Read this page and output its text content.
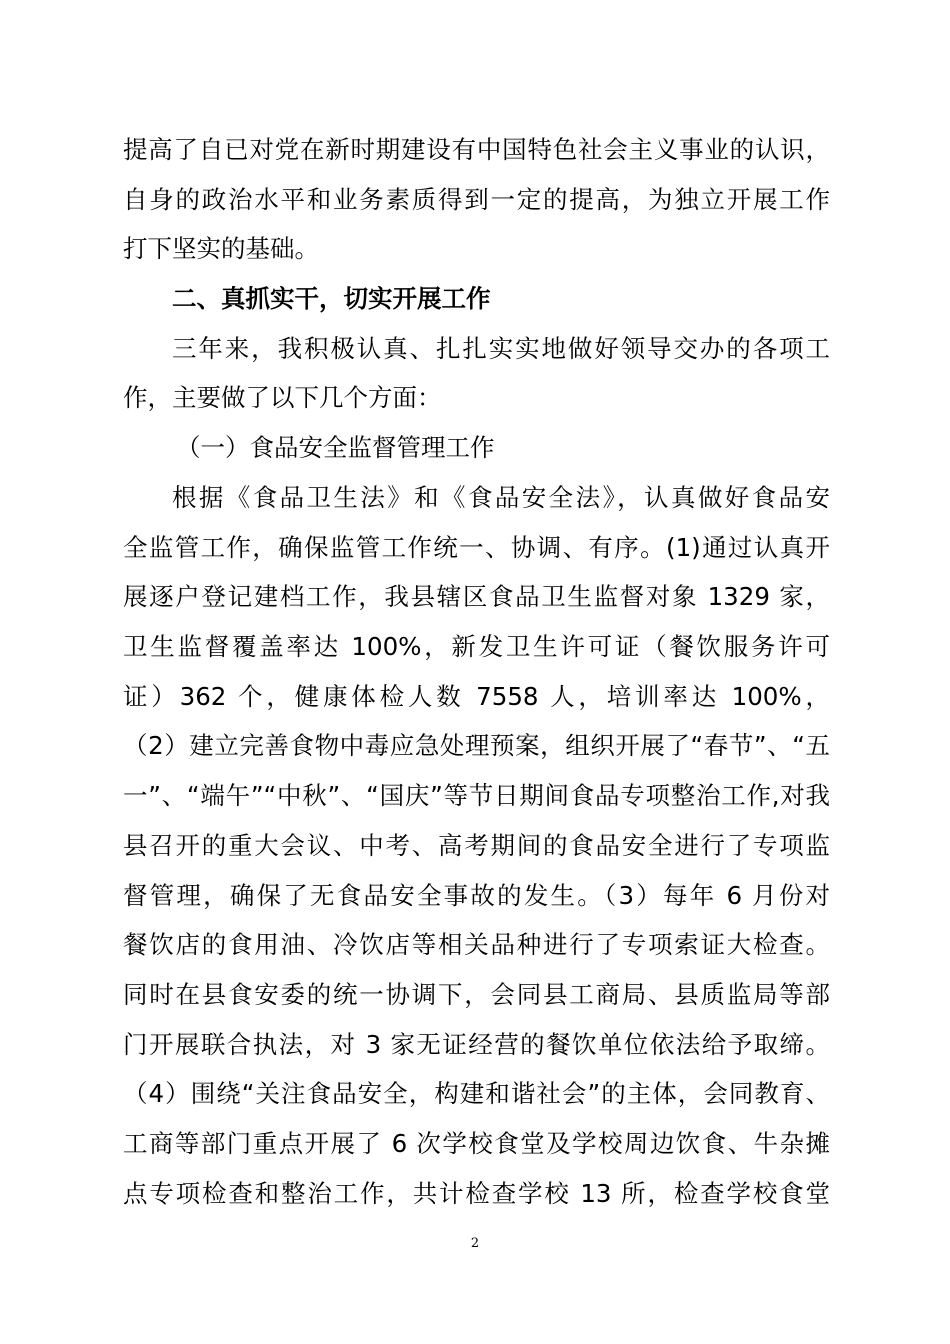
提高了自已对党在新时期建设有中国特色社会主义事业的认识，
自身的政治水平和业务素质得到一定的提高，为独立开展工作
打下坚实的基础。
二、真抓实干，切实开展工作
三年来，我积极认真、扎扎实实地做好领导交办的各项工
作，主要做了以下几个方面：
（一）食品安全监督管理工作
根据《食品卫生法》和《食品安全法》，认真做好食品安
全监管工作，确保监管工作统一、协调、有序。(1)通过认真开
展逐户登记建档工作，我县辖区食品卫生监督对象 1329 家，
卫生监督覆盖率达 100%，新发卫生许可证（餐饮服务许可
证）362 个，健康体检人数 7558 人，培训率达 100%，
（2）建立完善食物中毒应急处理预案，组织开展了“春节”、“五
一”、“端午”“中秋”、“国庆”等节日期间食品专项整治工作,对我
县召开的重大会议、中考、高考期间的食品安全进行了专项监
督管理，确保了无食品安全事故的发生。（3）每年 6 月份对
餐饮店的食用油、冷饮店等相关品种进行了专项索证大检查。
同时在县食安委的统一协调下，会同县工商局、县质监局等部
门开展联合执法，对 3 家无证经营的餐饮单位依法给予取缔。
（4）围绕“关注食品安全，构建和谐社会”的主体，会同教育、
工商等部门重点开展了 6 次学校食堂及学校周边饮食、牛杂摊
点专项检查和整治工作，共计检查学校 13 所，检查学校食堂
2
